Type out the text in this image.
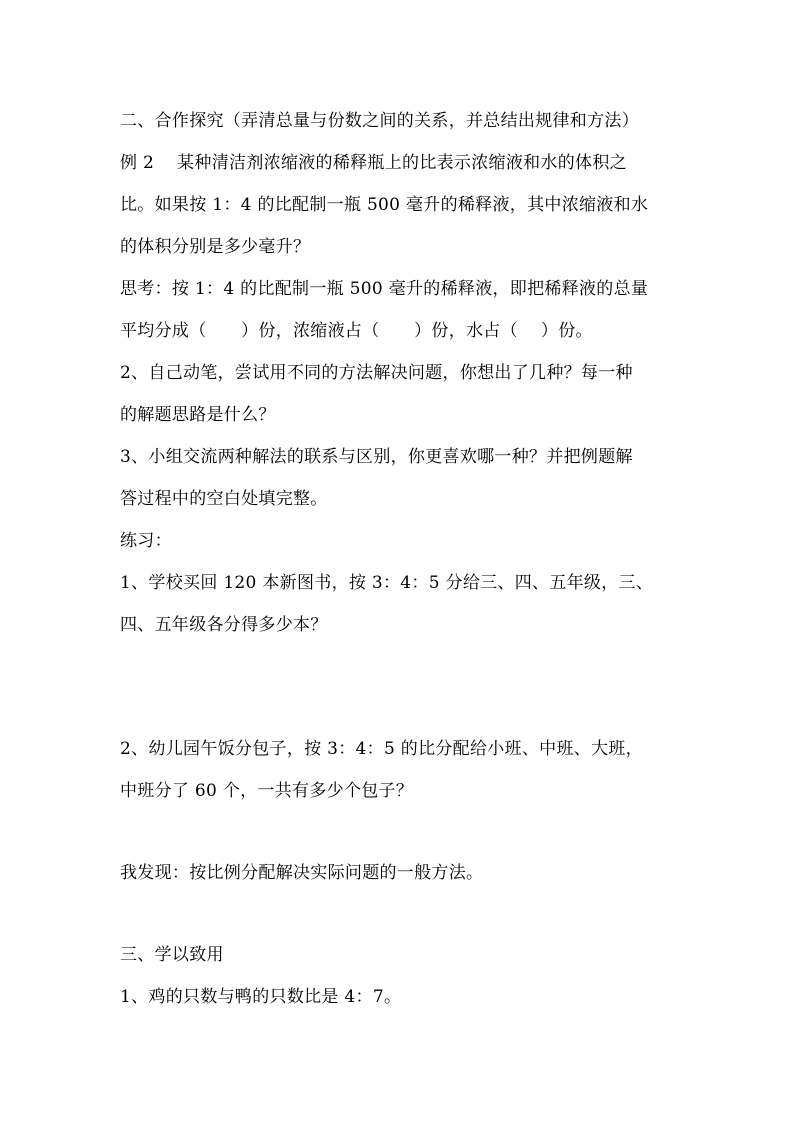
二、合作探究（弄清总量与份数之间的关系，并总结出规律和方法）
例 2　 某种清洁剂浓缩液的稀释瓶上的比表示浓缩液和水的体积之
比。如果按 1：4 的比配制一瓶 500 毫升的稀释液，其中浓缩液和水
的体积分别是多少毫升？
思考：按 1：4 的比配制一瓶 500 毫升的稀释液，即把稀释液的总量
平均分成（　　）份，浓缩液占（　　）份，水占（　 ）份。
2、自己动笔，尝试用不同的方法解决问题，你想出了几种？每一种
的解题思路是什么？
3、小组交流两种解法的联系与区别，你更喜欢哪一种？并把例题解
答过程中的空白处填完整。
练习：
1、学校买回 120 本新图书，按 3：4：5 分给三、四、五年级，三、
四、五年级各分得多少本？
2、幼儿园午饭分包子，按 3：4：5 的比分配给小班、中班、大班，
中班分了 60 个，一共有多少个包子？
我发现：按比例分配解决实际问题的一般方法。
三、学以致用
1、鸡的只数与鸭的只数比是 4：7。
